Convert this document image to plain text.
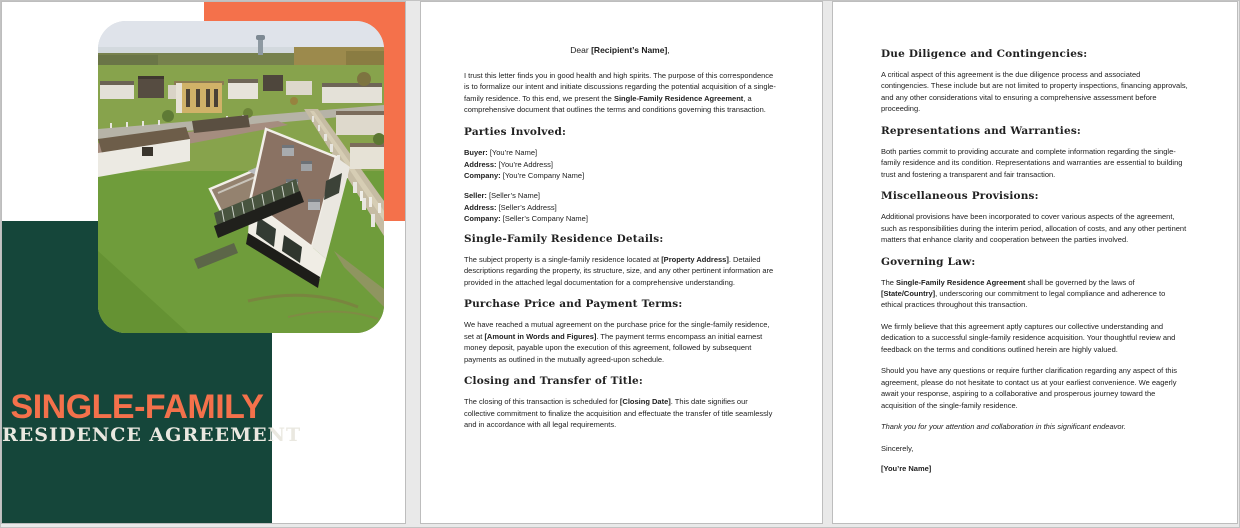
SINGLE-FAMILY
RESIDENCE AGREEMENT
Dear [Recipient’s Name],
I trust this letter finds you in good health and high spirits. The purpose of this correspondence is to formalize our intent and initiate discussions regarding the potential acquisition of a single-family residence. To this end, we present the Single-Family Residence Agreement, a comprehensive document that outlines the terms and conditions governing this transaction.
Parties Involved:
Buyer: [You’re Name]
Address: [You’re Address]
Company: [You’re Company Name]
Seller: [Seller’s Name]
Address: [Seller’s Address]
Company: [Seller’s Company Name]
Single-Family Residence Details:
The subject property is a single-family residence located at [Property Address]. Detailed descriptions regarding the property, its structure, size, and any other pertinent information are provided in the attached legal documentation for a comprehensive understanding.
Purchase Price and Payment Terms:
We have reached a mutual agreement on the purchase price for the single-family residence, set at [Amount in Words and Figures]. The payment terms encompass an initial earnest money deposit, payable upon the execution of this agreement, followed by subsequent payments as outlined in the mutually agreed-upon schedule.
Closing and Transfer of Title:
The closing of this transaction is scheduled for [Closing Date]. This date signifies our collective commitment to finalize the acquisition and effectuate the transfer of title seamlessly and in accordance with all legal requirements.
Due Diligence and Contingencies:
A critical aspect of this agreement is the due diligence process and associated contingencies. These include but are not limited to property inspections, financing approvals, and any other considerations vital to ensuring a comprehensive assessment before proceeding.
Representations and Warranties:
Both parties commit to providing accurate and complete information regarding the single-family residence and its condition. Representations and warranties are essential to building trust and fostering a transparent and fair transaction.
Miscellaneous Provisions:
Additional provisions have been incorporated to cover various aspects of the agreement, such as responsibilities during the interim period, allocation of costs, and any other pertinent matters that enhance clarity and cooperation between the parties involved.
Governing Law:
The Single-Family Residence Agreement shall be governed by the laws of [State/Country], underscoring our commitment to legal compliance and adherence to ethical practices throughout this transaction.
We firmly believe that this agreement aptly captures our collective understanding and dedication to a successful single-family residence acquisition. Your thoughtful review and feedback on the terms and conditions outlined herein are highly valued.
Should you have any questions or require further clarification regarding any aspect of this agreement, please do not hesitate to contact us at your earliest convenience. We eagerly await your response, aspiring to a collaborative and prosperous journey toward the acquisition of the single-family residence.
Thank you for your attention and collaboration in this significant endeavor.
Sincerely,
[You’re Name]
